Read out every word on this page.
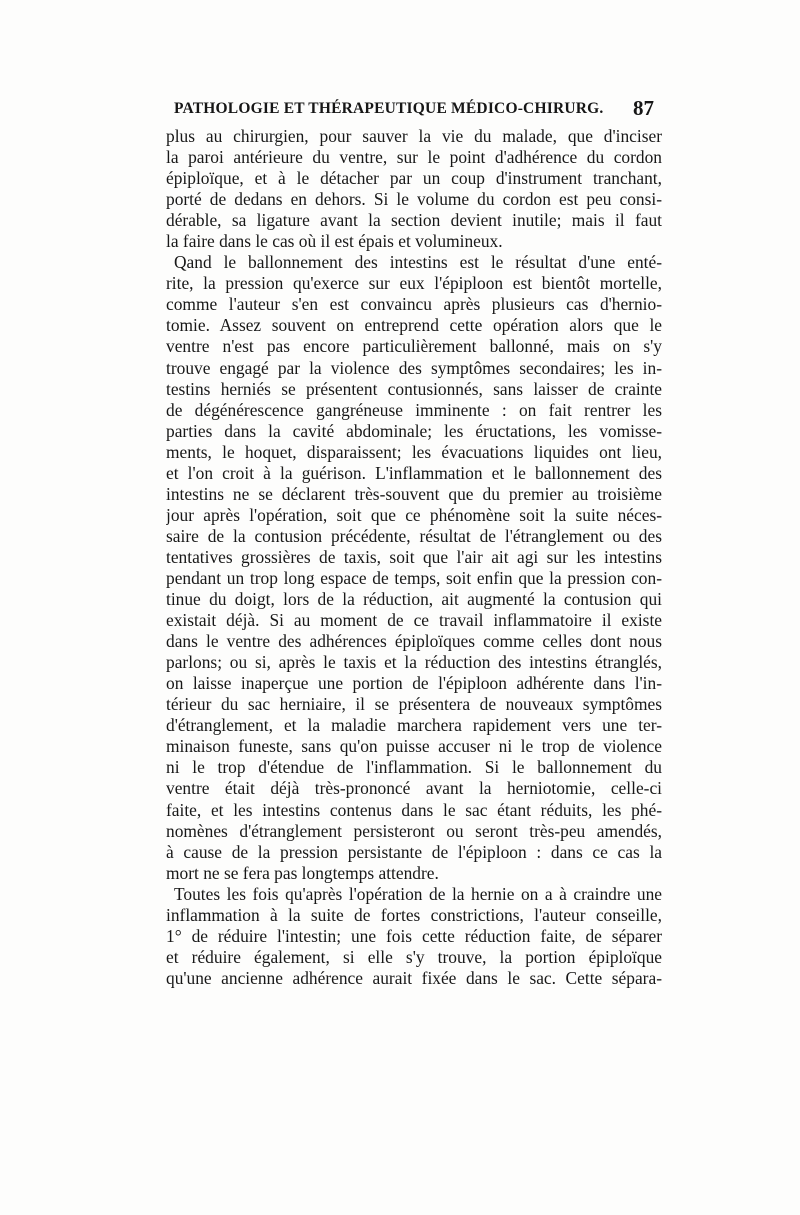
PATHOLOGIE ET THÉRAPEUTIQUE MÉDICO-CHIRURG. 87
plus au chirurgien, pour sauver la vie du malade, que d'inciser
la paroi antérieure du ventre, sur le point d'adhérence du cordon
épiploïque, et à le détacher par un coup d'instrument tranchant,
porté de dedans en dehors. Si le volume du cordon est peu consi-
dérable, sa ligature avant la section devient inutile; mais il faut
la faire dans le cas où il est épais et volumineux.
Qand le ballonnement des intestins est le résultat d'une enté-
rite, la pression qu'exerce sur eux l'épiploon est bientôt mortelle,
comme l'auteur s'en est convaincu après plusieurs cas d'hernio-
tomie. Assez souvent on entreprend cette opération alors que le
ventre n'est pas encore particulièrement ballonné, mais on s'y
trouve engagé par la violence des symptômes secondaires; les in-
testins herniés se présentent contusionnés, sans laisser de crainte
de dégénérescence gangréneuse imminente : on fait rentrer les
parties dans la cavité abdominale; les éructations, les vomisse-
ments, le hoquet, disparaissent; les évacuations liquides ont lieu,
et l'on croit à la guérison. L'inflammation et le ballonnement des
intestins ne se déclarent très-souvent que du premier au troisième
jour après l'opération, soit que ce phénomène soit la suite néces-
saire de la contusion précédente, résultat de l'étranglement ou des
tentatives grossières de taxis, soit que l'air ait agi sur les intestins
pendant un trop long espace de temps, soit enfin que la pression con-
tinue du doigt, lors de la réduction, ait augmenté la contusion qui
existait déjà. Si au moment de ce travail inflammatoire il existe
dans le ventre des adhérences épiploïques comme celles dont nous
parlons; ou si, après le taxis et la réduction des intestins étranglés,
on laisse inaperçue une portion de l'épiploon adhérente dans l'in-
térieur du sac herniaire, il se présentera de nouveaux symptômes
d'étranglement, et la maladie marchera rapidement vers une ter-
minaison funeste, sans qu'on puisse accuser ni le trop de violence
ni le trop d'étendue de l'inflammation. Si le ballonnement du
ventre était déjà très-prononcé avant la herniotomie, celle-ci
faite, et les intestins contenus dans le sac étant réduits, les phé-
nomènes d'étranglement persisteront ou seront très-peu amendés,
à cause de la pression persistante de l'épiploon : dans ce cas la
mort ne se fera pas longtemps attendre.
Toutes les fois qu'après l'opération de la hernie on a à craindre une
inflammation à la suite de fortes constrictions, l'auteur conseille,
1° de réduire l'intestin; une fois cette réduction faite, de séparer
et réduire également, si elle s'y trouve, la portion épiploïque
qu'une ancienne adhérence aurait fixée dans le sac. Cette sépara-
